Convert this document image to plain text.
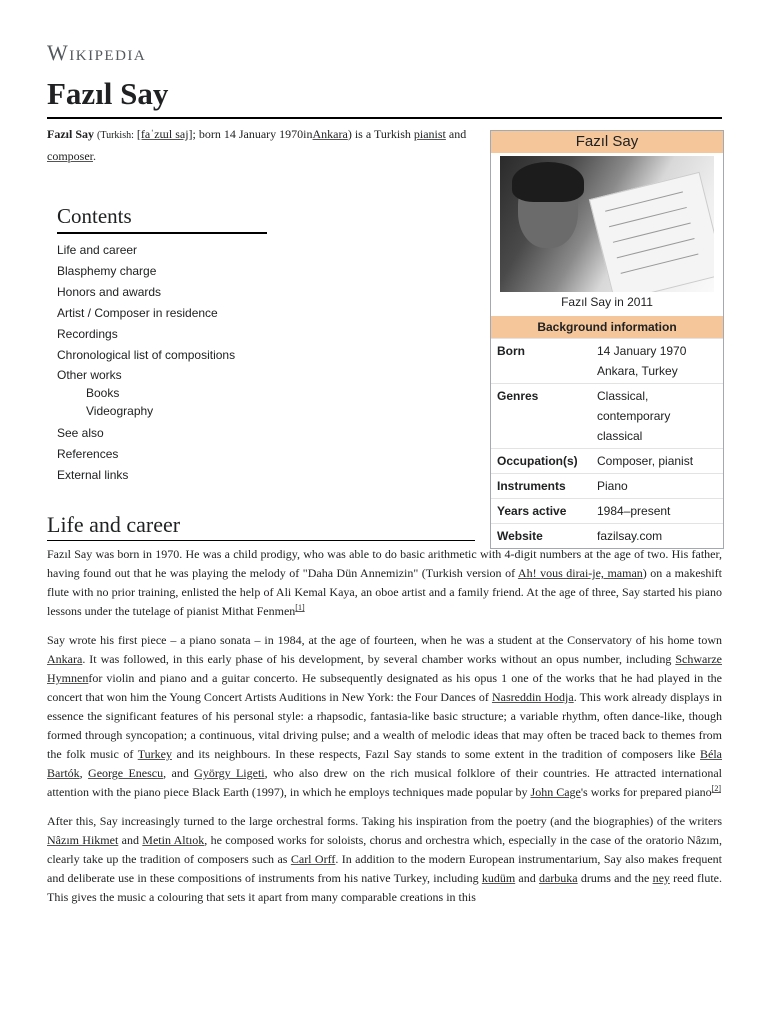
Wikipedia
Fazıl Say
Fazıl Say (Turkish: [faˈzɯl saj]; born 14 January 1970inAnkara) is a Turkish pianist and composer.
Contents
Life and career
Blasphemy charge
Honors and awards
Artist / Composer in residence
Recordings
Chronological list of compositions
Other works
Books
Videography
See also
References
External links
Fazıl Say
Fazıl Say in 2011
Background information
Born	14 January 1970
Ankara, Turkey
Genres	Classical,
contemporary
classical
Occupation(s)	Composer, pianist
Instruments	Piano
Years active	1984–present
Website	fazilsay.com
Life and career

Fazıl Say was born in 1970. He was a child prodigy, who was able to do basic arithmetic with 4-digit numbers at the age of two. His father, having found out that he was playing the melody of "Daha Dün Annemizin" (Turkish version of Ah! vous dirai-je, maman) on a makeshift flute with no prior training, enlisted the help of Ali Kemal Kaya, an oboe artist and a family friend. At the age of three, Say started his piano lessons under the tutelage of pianist Mithat Fenmen[1]

Say wrote his first piece – a piano sonata – in 1984, at the age of fourteen, when he was a student at the Conservatory of his home town Ankara. It was followed, in this early phase of his development, by several chamber works without an opus number, including Schwarze Hymnenfor violin and piano and a guitar concerto. He subsequently designated as his opus 1 one of the works that he had played in the concert that won him the Young Concert Artists Auditions in New York: the Four Dances of Nasreddin Hodja. This work already displays in essence the significant features of his personal style: a rhapsodic, fantasia-like basic structure; a variable rhythm, often dance-like, though formed through syncopation; a continuous, vital driving pulse; and a wealth of melodic ideas that may often be traced back to themes from the folk music of Turkey and its neighbours. In these respects, Fazıl Say stands to some extent in the tradition of composers like Béla Bartók, George Enescu, and György Ligeti, who also drew on the rich musical folklore of their countries. He attracted international attention with the piano piece Black Earth (1997), in which he employs techniques made popular by John Cage's works for prepared piano[2]

After this, Say increasingly turned to the large orchestral forms. Taking his inspiration from the poetry (and the biographies) of the writers Nâzım Hikmet and Metin Altıok, he composed works for soloists, chorus and orchestra which, especially in the case of the oratorio Nâzım, clearly take up the tradition of composers such as Carl Orff. In addition to the modern European instrumentarium, Say also makes frequent and deliberate use in these compositions of instruments from his native Turkey, including kudüm and darbuka drums and the ney reed flute. This gives the music a colouring that sets it apart from many comparable creations in this
